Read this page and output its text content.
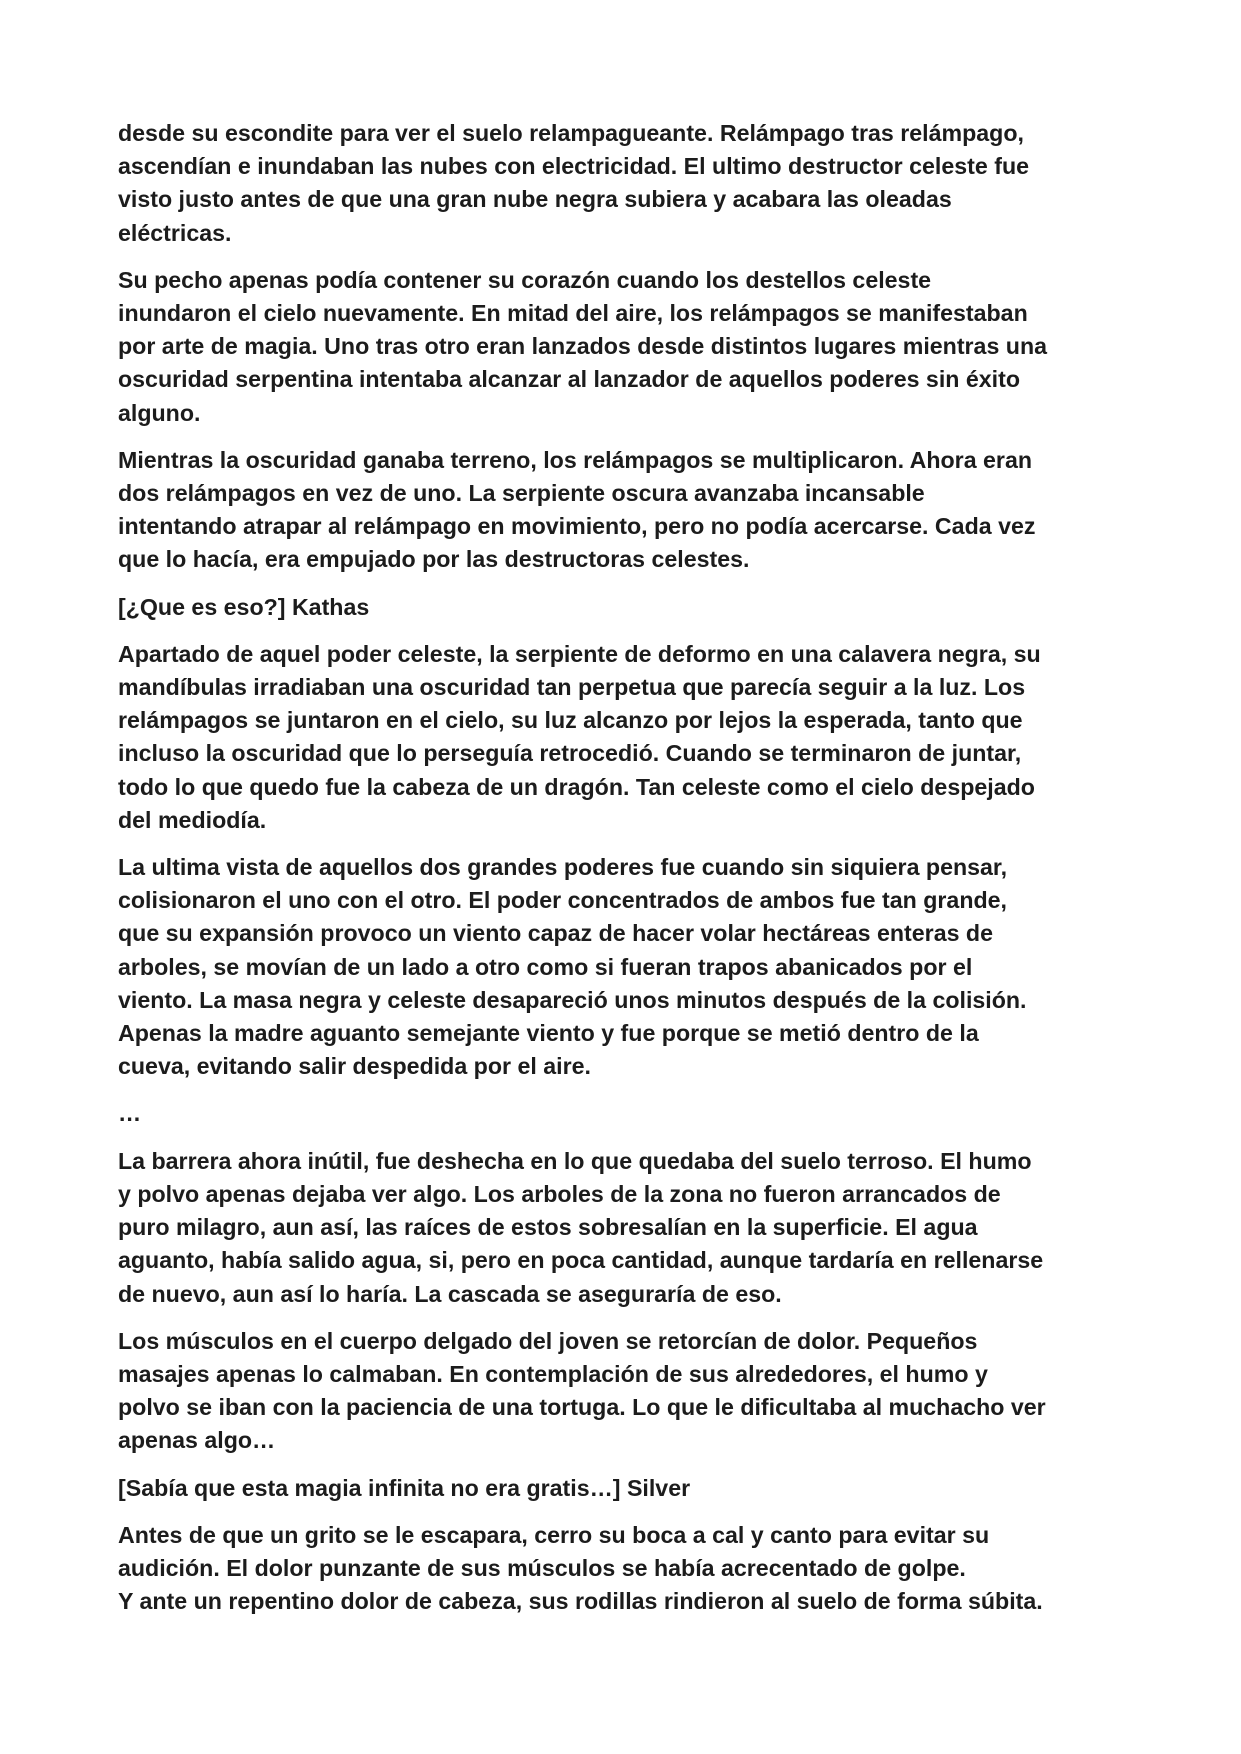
desde su escondite para ver el suelo relampagueante. Relámpago tras relámpago,
ascendían e inundaban las nubes con electricidad. El ultimo destructor celeste fue
visto justo antes de que una gran nube negra subiera y acabara las oleadas
eléctricas.

Su pecho apenas podía contener su corazón cuando los destellos celeste
inundaron el cielo nuevamente. En mitad del aire, los relámpagos se manifestaban
por arte de magia. Uno tras otro eran lanzados desde distintos lugares mientras una
oscuridad serpentina intentaba alcanzar al lanzador de aquellos poderes sin éxito
alguno.

Mientras la oscuridad ganaba terreno, los relámpagos se multiplicaron. Ahora eran
dos relámpagos en vez de uno. La serpiente oscura avanzaba incansable
intentando atrapar al relámpago en movimiento, pero no podía acercarse. Cada vez
que lo hacía, era empujado por las destructoras celestes.

[¿Que es eso?] Kathas

Apartado de aquel poder celeste, la serpiente de deformo en una calavera negra, su
mandíbulas irradiaban una oscuridad tan perpetua que parecía seguir a la luz. Los
relámpagos se juntaron en el cielo, su luz alcanzo por lejos la esperada, tanto que
incluso la oscuridad que lo perseguía retrocedió. Cuando se terminaron de juntar,
todo lo que quedo fue la cabeza de un dragón. Tan celeste como el cielo despejado
del mediodía.

La ultima vista de aquellos dos grandes poderes fue cuando sin siquiera pensar,
colisionaron el uno con el otro. El poder concentrados de ambos fue tan grande,
que su expansión provoco un viento capaz de hacer volar hectáreas enteras de
arboles, se movían de un lado a otro como si fueran trapos abanicados por el
viento. La masa negra y celeste desapareció unos minutos después de la colisión.
Apenas la madre aguanto semejante viento y fue porque se metió dentro de la
cueva, evitando salir despedida por el aire.

…

La barrera ahora inútil, fue deshecha en lo que quedaba del suelo terroso. El humo
y polvo apenas dejaba ver algo. Los arboles de la zona no fueron arrancados de
puro milagro, aun así, las raíces de estos sobresalían en la superficie. El agua
aguanto, había salido agua, si, pero en poca cantidad, aunque tardaría en rellenarse
de nuevo, aun así lo haría. La cascada se aseguraría de eso.

Los músculos en el cuerpo delgado del joven se retorcían de dolor. Pequeños
masajes apenas lo calmaban. En contemplación de sus alrededores, el humo y
polvo se iban con la paciencia de una tortuga. Lo que le dificultaba al muchacho ver
apenas algo…

[Sabía que esta magia infinita no era gratis…] Silver

Antes de que un grito se le escapara, cerro su boca a cal y canto para evitar su
audición. El dolor punzante de sus músculos se había acrecentado de golpe.
Y ante un repentino dolor de cabeza, sus rodillas rindieron al suelo de forma súbita.
